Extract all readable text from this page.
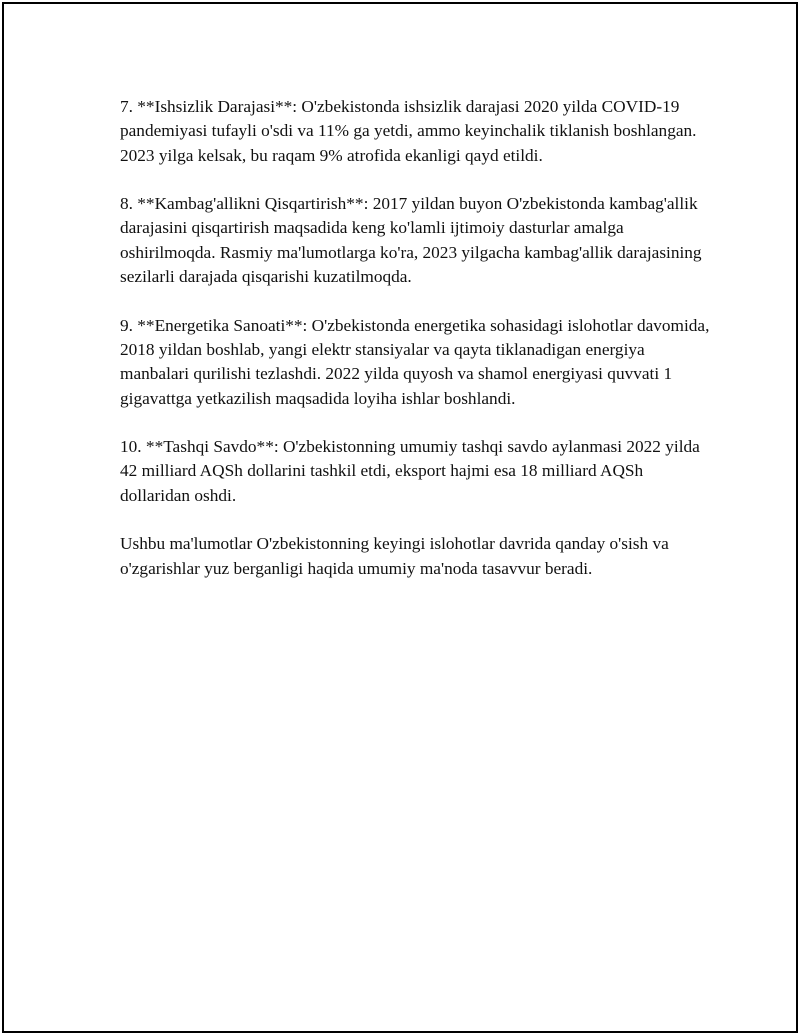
7. **Ishsizlik Darajasi**: O'zbekistonda ishsizlik darajasi 2020 yilda COVID-19 pandemiyasi tufayli o'sdi va 11% ga yetdi, ammo keyinchalik tiklanish boshlangan. 2023 yilga kelsak, bu raqam 9% atrofida ekanligi qayd etildi.

8. **Kambag'allikni Qisqartirish**: 2017 yildan buyon O'zbekistonda kambag'allik darajasini qisqartirish maqsadida keng ko'lamli ijtimoiy dasturlar amalga oshirilmoqda. Rasmiy ma'lumotlarga ko'ra, 2023 yilgacha kambag'allik darajasining sezilarli darajada qisqarishi kuzatilmoqda.

9. **Energetika Sanoati**: O'zbekistonda energetika sohasidagi islohotlar davomida, 2018 yildan boshlab, yangi elektr stansiyalar va qayta tiklanadigan energiya manbalari qurilishi tezlashdi. 2022 yilda quyosh va shamol energiyasi quvvati 1 gigavattga yetkazilish maqsadida loyiha ishlar boshlandi.

10. **Tashqi Savdo**: O'zbekistonning umumiy tashqi savdo aylanmasi 2022 yilda 42 milliard AQSh dollarini tashkil etdi, eksport hajmi esa 18 milliard AQSh dollaridan oshdi.

Ushbu ma'lumotlar O'zbekistonning keyingi islohotlar davrida qanday o'sish va o'zgarishlar yuz berganligi haqida umumiy ma'noda tasavvur beradi.
